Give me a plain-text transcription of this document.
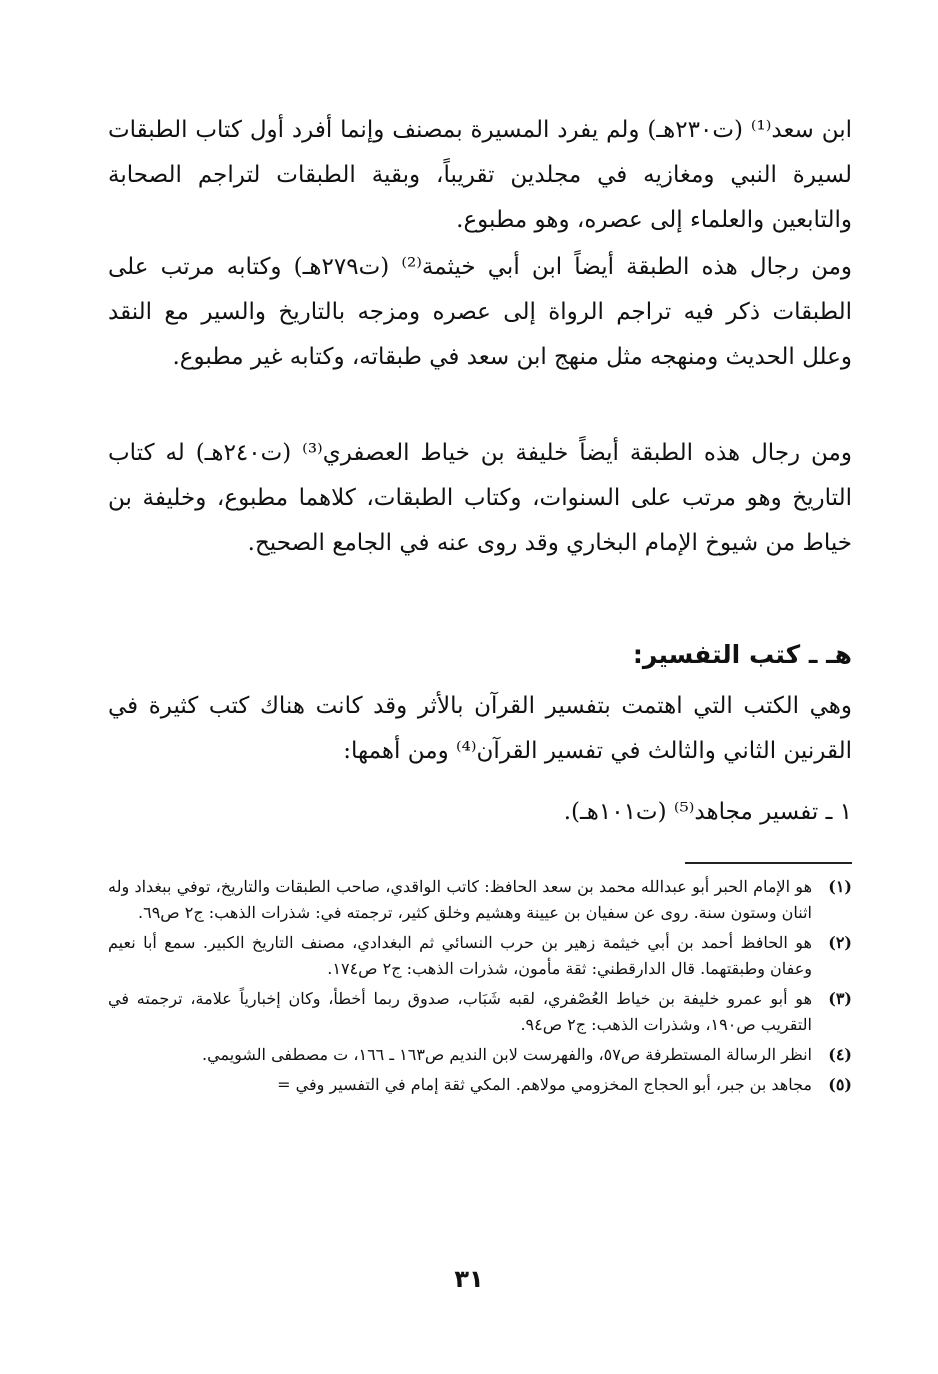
ابن سعد⁽¹⁾ (ت٢٣٠هـ) ولم يفرد المسيرة بمصنف وإنما أفرد أول كتاب الطبقات لسيرة النبي ومغازيه في مجلدين تقريباً، وبقية الطبقات لتراجم الصحابة والتابعين والعلماء إلى عصره، وهو مطبوع.

ومن رجال هذه الطبقة أيضاً ابن أبي خيثمة⁽²⁾ (ت٢٧٩هـ) وكتابه مرتب على الطبقات ذكر فيه تراجم الرواة إلى عصره ومزجه بالتاريخ والسير مع النقد وعلل الحديث ومنهجه مثل منهج ابن سعد في طبقاته، وكتابه غير مطبوع.

ومن رجال هذه الطبقة أيضاً خليفة بن خياط العصفري⁽³⁾ (ت٢٤٠هـ) له كتاب التاريخ وهو مرتب على السنوات، وكتاب الطبقات، كلاهما مطبوع، وخليفة بن خياط من شيوخ الإمام البخاري وقد روى عنه في الجامع الصحيح.

هـ ـ كتب التفسير:

وهي الكتب التي اهتمت بتفسير القرآن بالأثر وقد كانت هناك كتب كثيرة في القرنين الثاني والثالث في تفسير القرآن⁽⁴⁾ ومن أهمها:

١ ـ تفسير مجاهد⁽⁵⁾ (ت١٠١هـ).

(١)
هو الإمام الحبر أبو عبدالله محمد بن سعد الحافظ: كاتب الواقدي، صاحب الطبقات والتاريخ، توفي ببغداد وله اثنان وستون سنة. روى عن سفيان بن عيينة وهشيم وخلق كثير، ترجمته في: شذرات الذهب: ج٢ ص٦٩.
(٢)
هو الحافظ أحمد بن أبي خيثمة زهير بن حرب النسائي ثم البغدادي، مصنف التاريخ الكبير. سمع أبا نعيم وعفان وطبقتهما. قال الدارقطني: ثقة مأمون، شذرات الذهب: ج٢ ص١٧٤.
(٣)
هو أبو عمرو خليفة بن خياط العُصْفري، لقبه شَبَاب، صدوق ربما أخطأ، وكان إخبارياً علامة، ترجمته في التقريب ص١٩٠، وشذرات الذهب: ج٢ ص٩٤.
(٤)
انظر الرسالة المستطرفة ص٥٧، والفهرست لابن النديم ص١٦٣ ـ ١٦٦، ت مصطفى الشويمي.
(٥)
مجاهد بن جبر، أبو الحجاج المخزومي مولاهم. المكي ثقة إمام في التفسير وفي =
٣١
